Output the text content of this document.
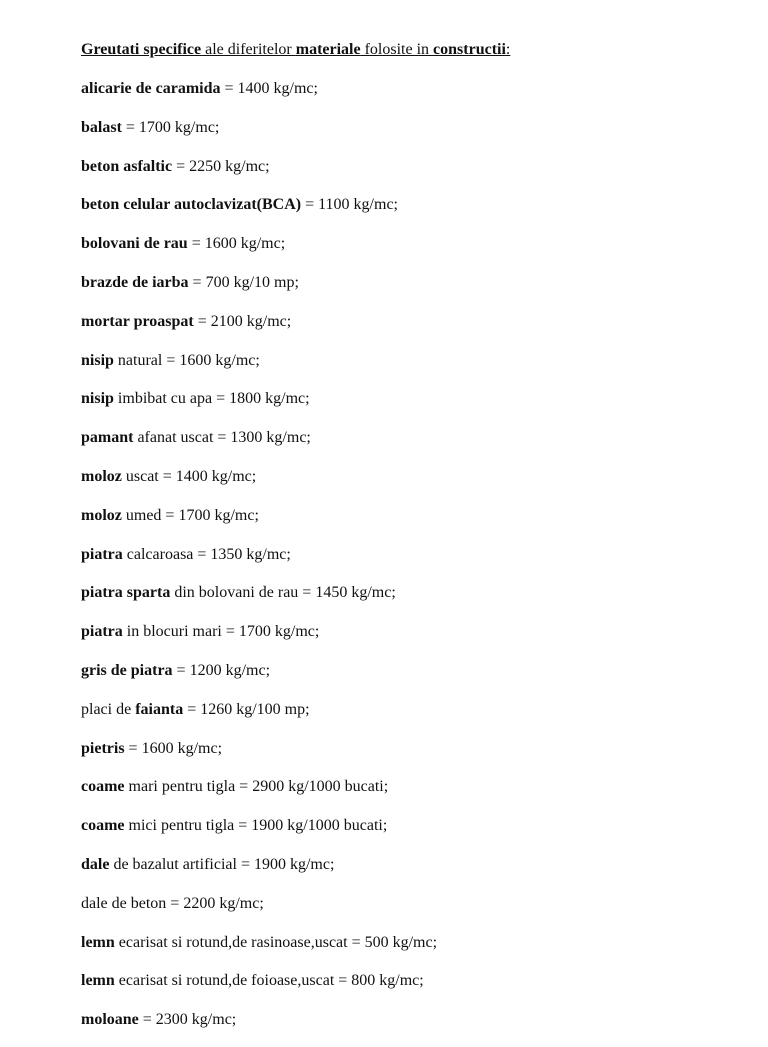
Greutati specifice ale diferitelor materiale folosite in constructii:
alicarie de caramida = 1400 kg/mc;
balast = 1700 kg/mc;
beton asfaltic = 2250 kg/mc;
beton celular autoclavizat(BCA) = 1100 kg/mc;
bolovani de rau = 1600 kg/mc;
brazde de iarba = 700 kg/10 mp;
mortar proaspat = 2100 kg/mc;
nisip natural = 1600 kg/mc;
nisip imbibat cu apa = 1800 kg/mc;
pamant afanat uscat = 1300 kg/mc;
moloz uscat = 1400 kg/mc;
moloz umed = 1700 kg/mc;
piatra calcaroasa = 1350 kg/mc;
piatra sparta din bolovani de rau = 1450 kg/mc;
piatra in blocuri mari = 1700 kg/mc;
gris de piatra = 1200 kg/mc;
placi de faianta = 1260 kg/100 mp;
pietris = 1600 kg/mc;
coame mari pentru tigla = 2900 kg/1000 bucati;
coame mici pentru tigla = 1900 kg/1000 bucati;
dale de bazalut artificial = 1900 kg/mc;
dale de beton = 2200 kg/mc;
lemn ecarisat si rotund,de rasinoase,uscat = 500 kg/mc;
lemn ecarisat si rotund,de foioase,uscat = 800 kg/mc;
moloane = 2300 kg/mc;
